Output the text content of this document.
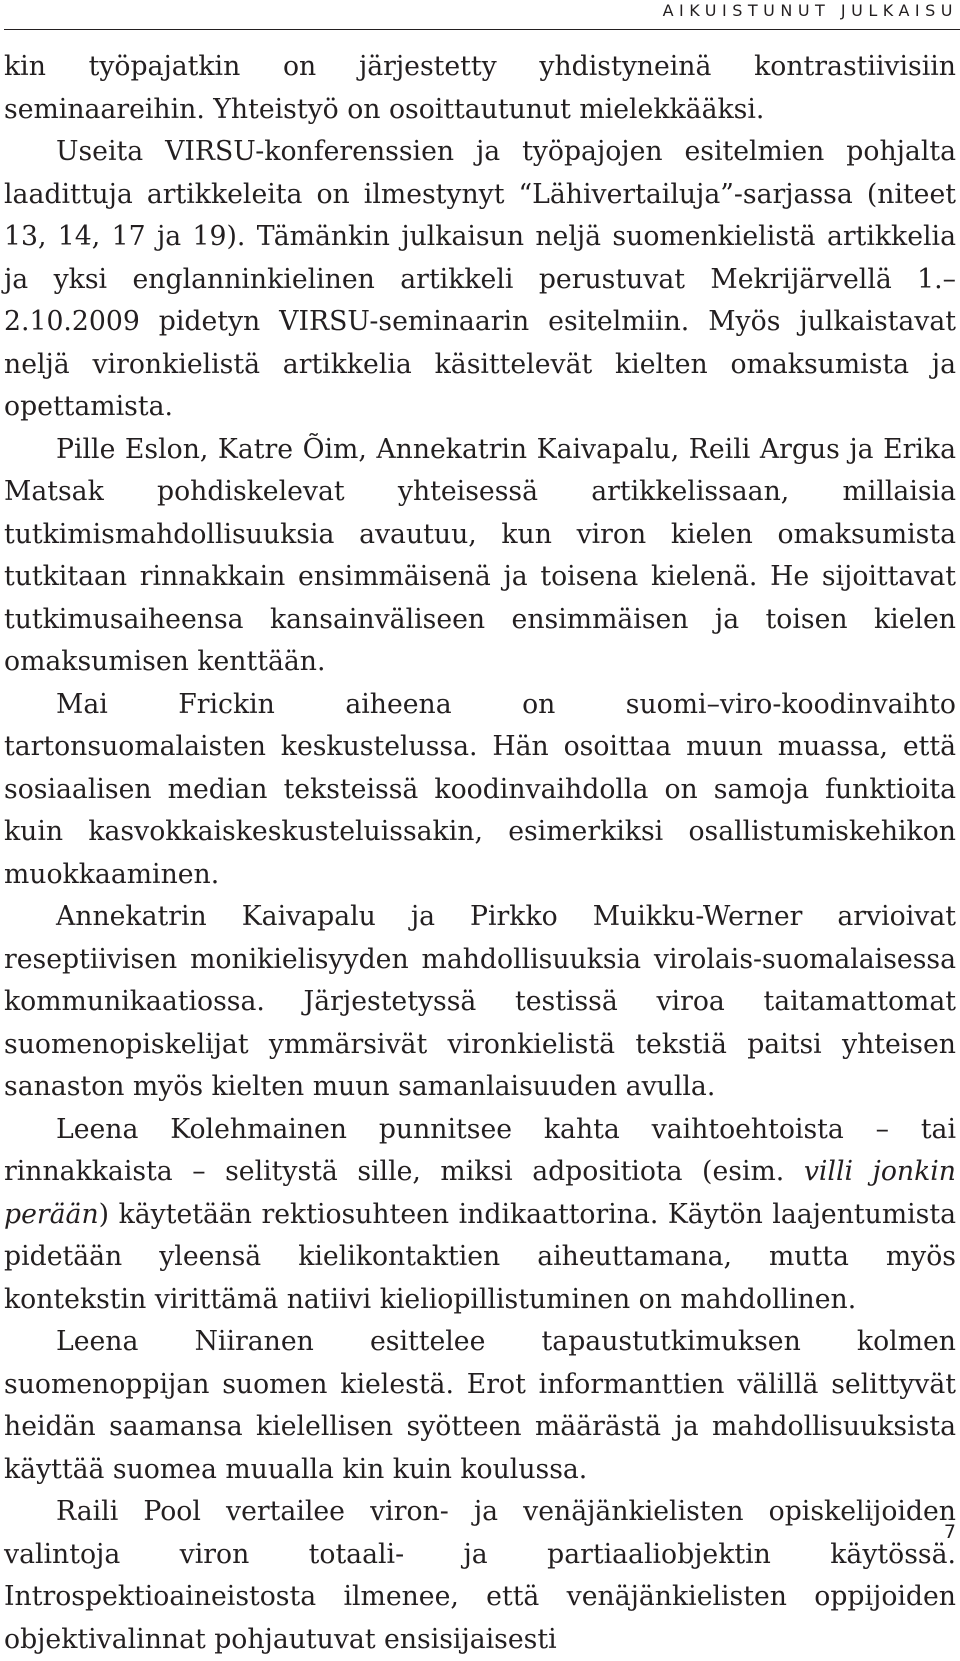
AIKUISTUNUT JULKAISU

kin työpajatkin on järjestetty yhdistyneinä kontrastiivisiin seminaareihin. Yhteistyö on osoittautunut mielekkääksi.

Useita VIRSU-konferenssien ja työpajojen esitelmien pohjalta laadittuja artikkeleita on ilmestynyt “Lähivertailuja”-sarjassa (niteet 13, 14, 17 ja 19). Tämänkin julkaisun neljä suomenkielistä artikkelia ja yksi englanninkielinen artikkeli perustuvat Mekrijärvellä 1.–2.10.2009 pidetyn VIRSU-seminaarin esitelmiin. Myös julkaistavat neljä vironkielistä artikkelia käsittelevät kielten omaksumista ja opettamista.

Pille Eslon, Katre Õim, Annekatrin Kaivapalu, Reili Argus ja Erika Matsak pohdiskelevat yhteisessä artikkelissaan, millaisia tutkimismahdollisuuksia avautuu, kun viron kielen omaksumista tutkitaan rinnakkain ensimmäisenä ja toisena kielenä. He sijoittavat tutkimusaiheensa kansainväliseen ensimmäisen ja toisen kielen omaksumisen kenttään.

Mai Frickin aiheena on suomi–viro-koodinvaihto tartonsuomalaisten keskustelussa. Hän osoittaa muun muassa, että sosiaalisen median teksteissä koodinvaihdolla on samoja funktioita kuin kasvokkaiskeskusteluissakin, esimerkiksi osallistumiskehikon muokkaaminen.

Annekatrin Kaivapalu ja Pirkko Muikku-Werner arvioivat reseptiivisen monikielisyyden mahdollisuuksia virolais-suomalaisessa kommunikaatiossa. Järjestetyssä testissä viroa taitamattomat suomenopiskelijat ymmärsivät vironkielistä tekstiä paitsi yhteisen sanaston myös kielten muun samanlaisuuden avulla.

Leena Kolehmainen punnitsee kahta vaihtoehtoista – tai rinnakkaista – selitystä sille, miksi adpositiota (esim. villi jonkin perään) käytetään rektiosuhteen indikaattorina. Käytön laajentumista pidetään yleensä kielikontaktien aiheuttamana, mutta myös kontekstin virittämä natiivi kieliopillistuminen on mahdollinen.

Leena Niiranen esittelee tapaustutkimuksen kolmen suomenoppijan suomen kielestä. Erot informanttien välillä selittyvät heidän saamansa kielellisen syötteen määrästä ja mahdollisuuksista käyttää suomea muualla kin kuin koulussa.

Raili Pool vertailee viron- ja venäjänkielisten opiskelijoiden valintoja viron totaali- ja partiaaliobjektin käytössä. Introspektioaineistosta ilmenee, että venäjänkielisten oppijoiden objektivalinnat pohjautuvat ensisijaisesti

7
